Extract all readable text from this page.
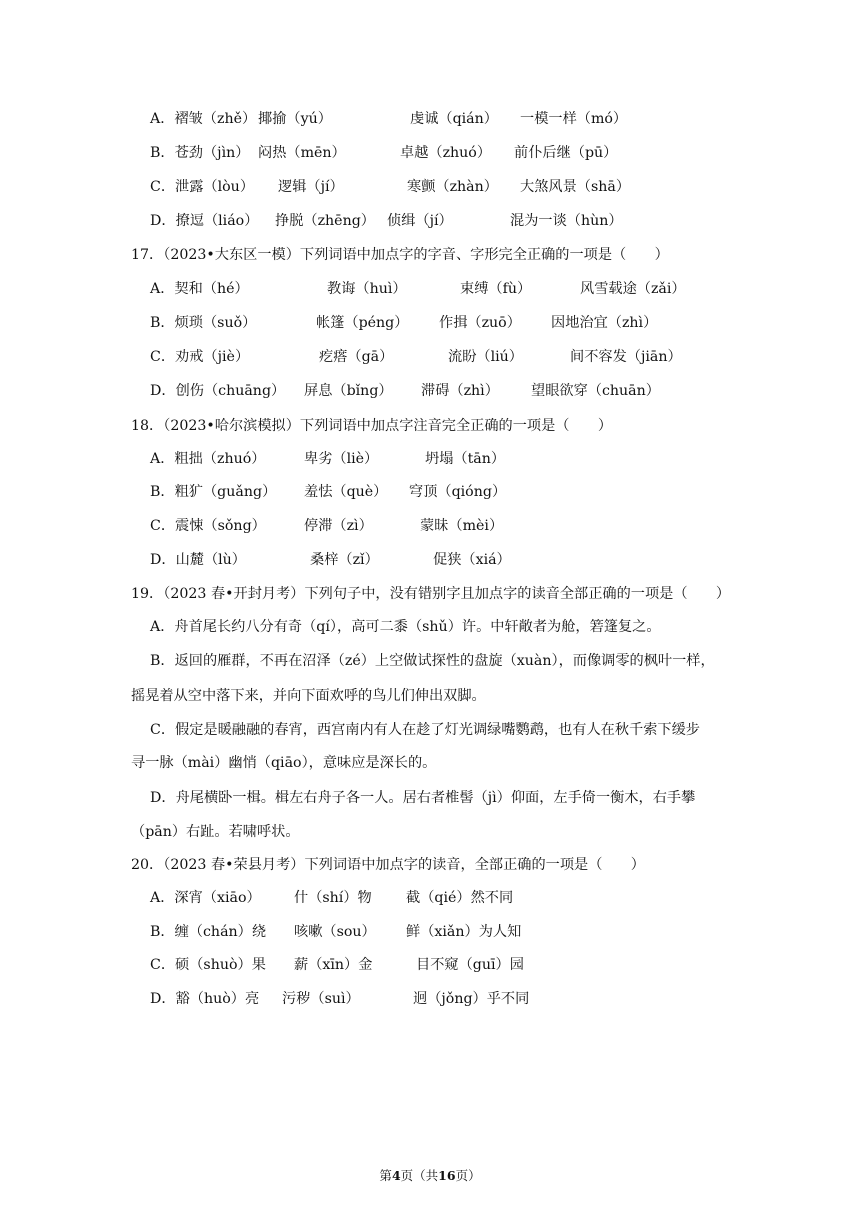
A．褶皱（zhě） 揶揄（yú）	虔诚（qián） 一模一样（mó）
B．苍劲（jìn） 闷热（mēn）	卓越（zhuó） 前仆后继（pū）
C．泄露（lòu） 逻辑（jí）	寒颤（zhàn） 大煞风景（shā）
D．撩逗（liáo） 挣脱（zhēng） 侦缉（jí）	混为一谈（hùn）
17．（2023•大东区一模）下列词语中加点字的字音、字形完全正确的一项是（　　）
A．契和（hé）	教诲（huì）	束缚（fù）	风雪载途（zǎi）
B．烦琐（suǒ）	帐篷（péng） 作揖（zuō） 因地治宜（zhì）
C．劝戒（jiè）	疙瘩（gā）	流盼（liú）	间不容发（jiān）
D．创伤（chuāng） 屏息（bǐng） 滞碍（zhì） 望眼欲穿（chuān）
18．（2023•哈尔滨模拟）下列词语中加点字注音完全正确的一项是（　　）
A．粗拙（zhuó）	卑劣（liè）	坍塌（tān）
B．粗犷（guǎng） 羞怯（què） 穹顶（qióng）
C．震悚（sǒng）	停滞（zì）	蒙昧（mèi）
D．山麓（lù）	桑梓（zǐ）	促狭（xiá）
19．（2023 春•开封月考）下列句子中，没有错别字且加点字的读音全部正确的一项是（　　）
A．舟首尾长约八分有奇（qí），高可二黍（shǔ）许。中轩敞者为舱，箬篷复之。
B．返回的雁群，不再在沼泽（zé）上空做试探性的盘旋（xuàn），而像调零的枫叶一样，
摇晃着从空中落下来，并向下面欢呼的鸟儿们伸出双脚。
C．假定是暖融融的春宵，西宫南内有人在趁了灯光调绿嘴鹦鹉，也有人在秋千索下缓步
寻一脉（mài）幽悄（qiāo），意味应是深长的。
D．舟尾横卧一楫。楫左右舟子各一人。居右者椎髻（jì）仰面，左手倚一衡木，右手攀
（pān）右趾。若啸呼状。
20．（2023 春•荣县月考）下列词语中加点字的读音，全部正确的一项是（　　）
A．深宵（xiāo） 什（shí）物 截（qié）然不同
B．缠（chán）绕 咳嗽（sou） 鲜（xiǎn）为人知
C．硕（shuò）果 薪（xīn）金	目不窥（guī）园
D．豁（huò）亮 污秽（suì）	迥（jǒng）乎不同
第4页（共16页）
